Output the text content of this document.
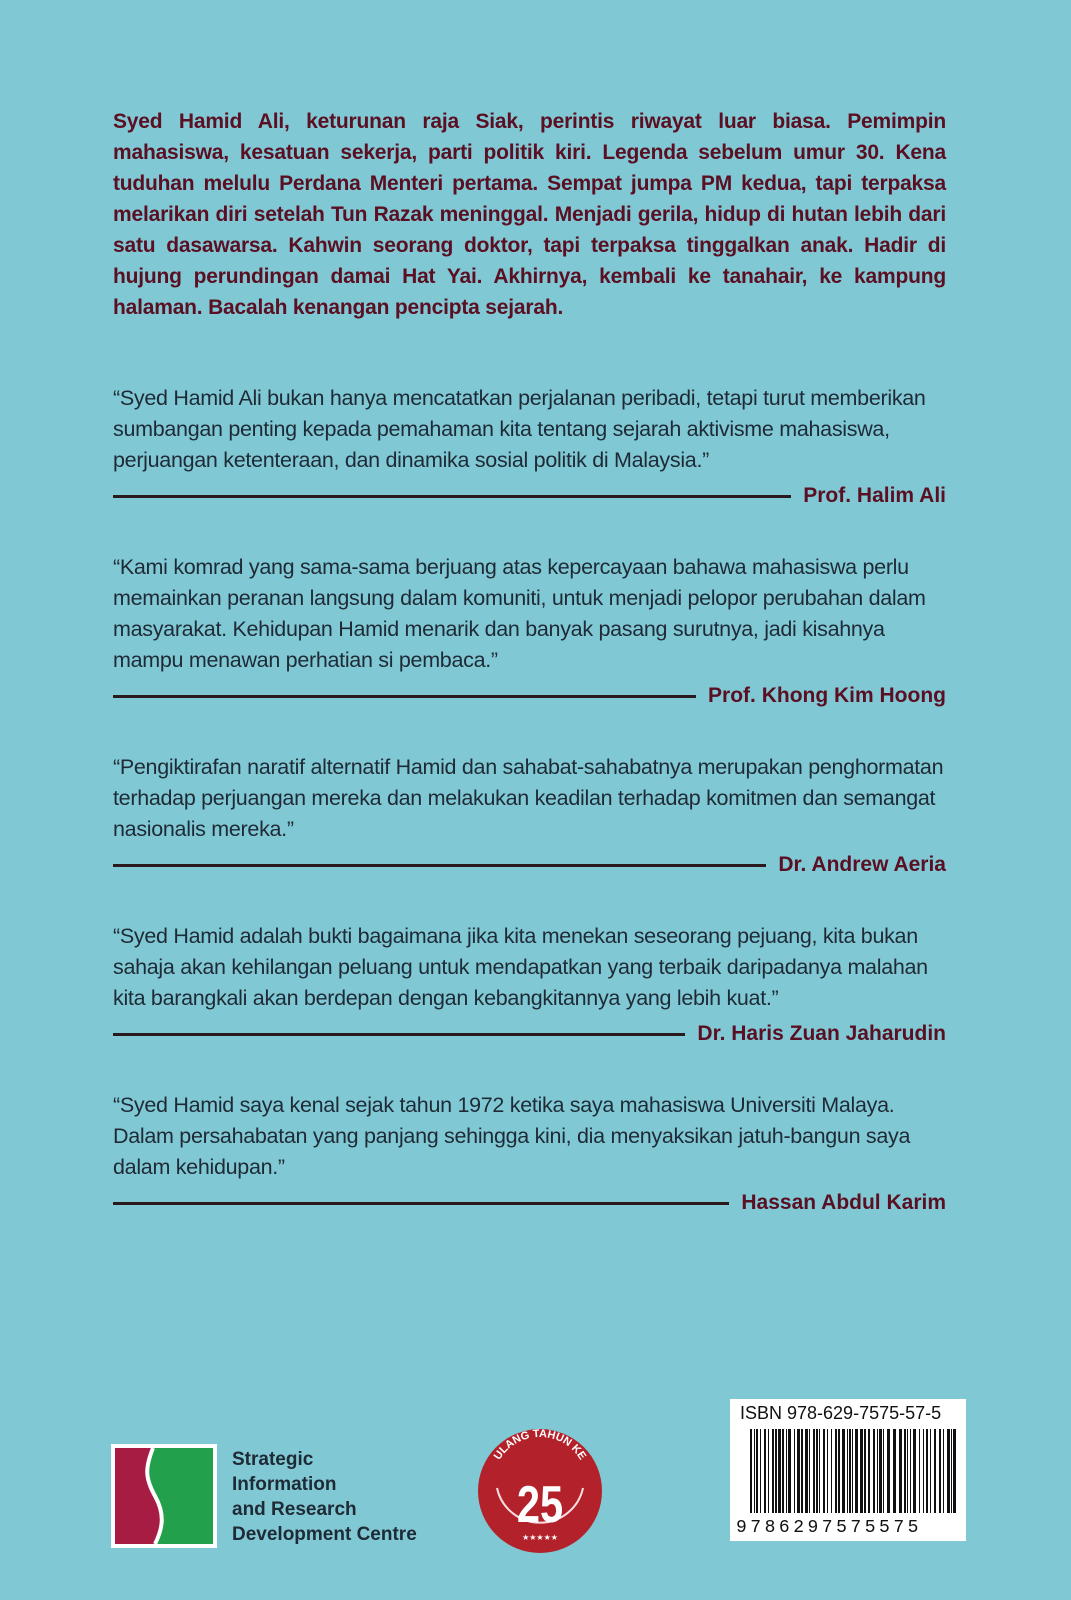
Syed Hamid Ali, keturunan raja Siak, perintis riwayat luar biasa. Pemimpin mahasiswa, kesatuan sekerja, parti politik kiri. Legenda sebelum umur 30. Kena tuduhan melulu Perdana Menteri pertama. Sempat jumpa PM kedua, tapi terpaksa melarikan diri setelah Tun Razak meninggal. Menjadi gerila, hidup di hutan lebih dari satu dasawarsa. Kahwin seorang doktor, tapi terpaksa tinggalkan anak. Hadir di hujung perundingan damai Hat Yai. Akhirnya, kembali ke tanahair, ke kampung halaman. Bacalah kenangan pencipta sejarah.
“Syed Hamid Ali bukan hanya mencatatkan perjalanan peribadi, tetapi turut memberikan sumbangan penting kepada pemahaman kita tentang sejarah aktivisme mahasiswa, perjuangan ketenteraan, dan dinamika sosial politik di Malaysia.”
Prof. Halim Ali
“Kami komrad yang sama-sama berjuang atas kepercayaan bahawa mahasiswa perlu memainkan peranan langsung dalam komuniti, untuk menjadi pelopor perubahan dalam masyarakat. Kehidupan Hamid menarik dan banyak pasang surutnya, jadi kisahnya mampu menawan perhatian si pembaca.”
Prof. Khong Kim Hoong
“Pengiktirafan naratif alternatif Hamid dan sahabat-sahabatnya merupakan penghormatan terhadap perjuangan mereka dan melakukan keadilan terhadap komitmen dan semangat nasionalis mereka.”
Dr. Andrew Aeria
“Syed Hamid adalah bukti bagaimana jika kita menekan seseorang pejuang, kita bukan sahaja akan kehilangan peluang untuk mendapatkan yang terbaik daripadanya malahan kita barangkali akan berdepan dengan kebangkitannya yang lebih kuat.”
Dr. Haris Zuan Jaharudin
“Syed Hamid saya kenal sejak tahun 1972 ketika saya mahasiswa Universiti Malaya. Dalam persahabatan yang panjang sehingga kini, dia menyaksikan jatuh-bangun saya dalam kehidupan.”
Hassan Abdul Karim
Strategic
Information
and Research
Development Centre
ULANG TAHUN KE
25
★★★★★
ISBN 978-629-7575-57-5
9786297575575
